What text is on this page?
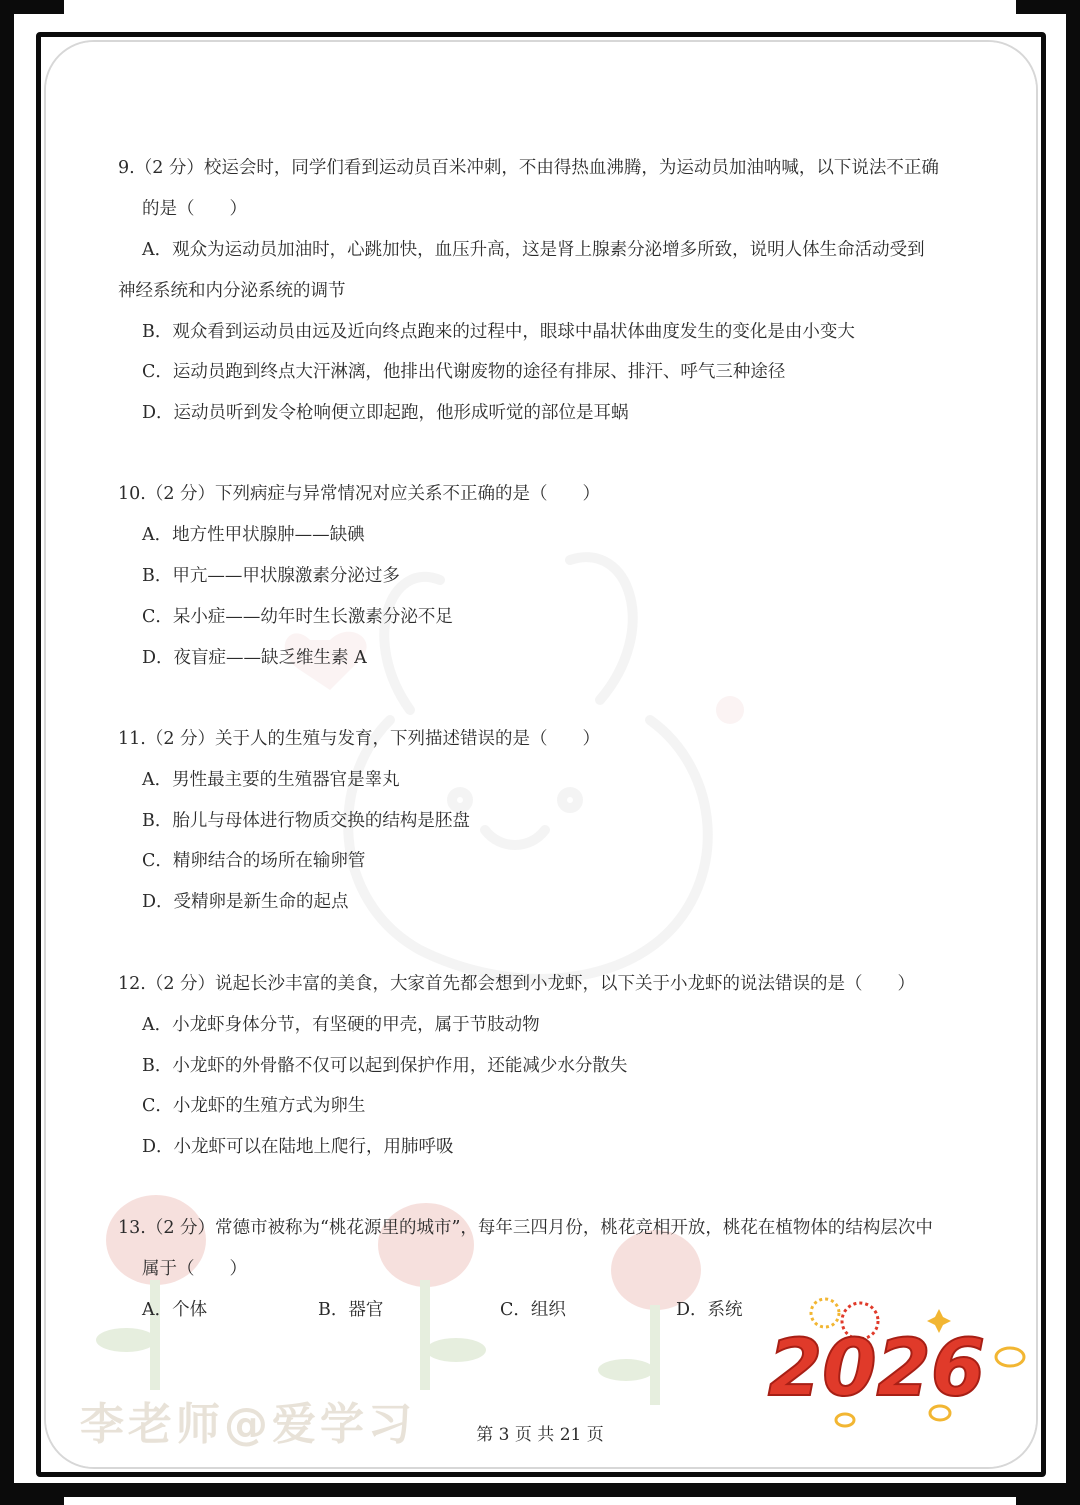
李老师@爱学习
2026
9.（2 分）校运会时，同学们看到运动员百米冲刺，不由得热血沸腾，为运动员加油呐喊，以下说法不正确
的是（　　）
A．观众为运动员加油时，心跳加快，血压升高，这是肾上腺素分泌增多所致，说明人体生命活动受到
神经系统和内分泌系统的调节
B．观众看到运动员由远及近向终点跑来的过程中，眼球中晶状体曲度发生的变化是由小变大
C．运动员跑到终点大汗淋漓，他排出代谢废物的途径有排尿、排汗、呼气三种途径
D．运动员听到发令枪响便立即起跑，他形成听觉的部位是耳蜗
10.（2 分）下列病症与异常情况对应关系不正确的是（　　）
A．地方性甲状腺肿——缺碘
B．甲亢——甲状腺激素分泌过多
C．呆小症——幼年时生长激素分泌不足
D．夜盲症——缺乏维生素 A
11.（2 分）关于人的生殖与发育，下列描述错误的是（　　）
A．男性最主要的生殖器官是睾丸
B．胎儿与母体进行物质交换的结构是胚盘
C．精卵结合的场所在输卵管
D．受精卵是新生命的起点
12.（2 分）说起长沙丰富的美食，大家首先都会想到小龙虾，以下关于小龙虾的说法错误的是（　　）
A．小龙虾身体分节，有坚硬的甲壳，属于节肢动物
B．小龙虾的外骨骼不仅可以起到保护作用，还能减少水分散失
C．小龙虾的生殖方式为卵生
D．小龙虾可以在陆地上爬行，用肺呼吸
13.（2 分）常德市被称为“桃花源里的城市”，每年三四月份，桃花竞相开放，桃花在植物体的结构层次中
属于（　　）
A．个体	B．器官	C．组织	D．系统
第 3 页 共 21 页
